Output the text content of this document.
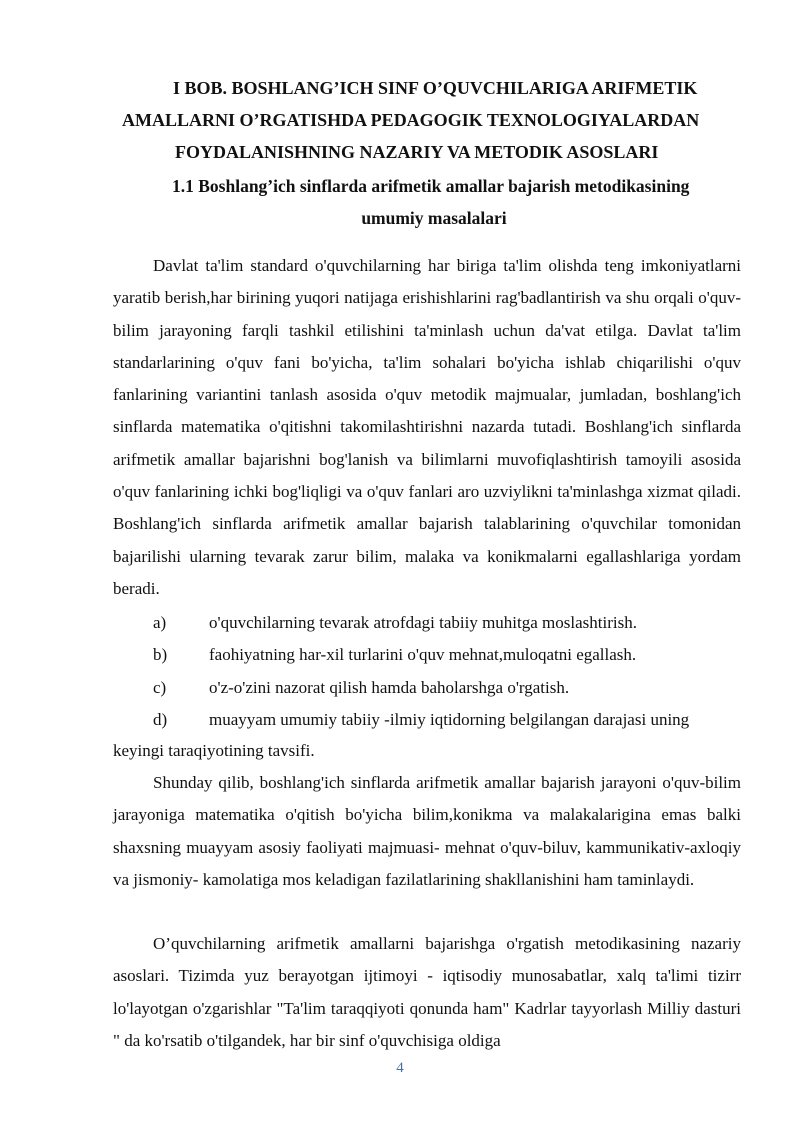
I BOB. BOSHLANG’ICH SINF O’QUVCHILARIGA ARIFMETIK
AMALLARNI O’RGATISHDA PEDAGOGIK TEXNOLOGIYALARDAN
FOYDALANISHNING NAZARIY VA METODIK ASOSLARI
1.1 Boshlang’ich sinflarda arifmetik amallar bajarish metodikasining
umumiy masalalari

Davlat ta'lim standard o'quvchilarning har biriga ta'lim olishda teng imkoniyatlarni yaratib berish,har birining yuqori natijaga erishishlarini rag'badlantirish va shu orqali o'quv- bilim jarayoning farqli tashkil etilishini ta'minlash uchun da'vat etilga. Davlat ta'lim standarlarining o'quv fani bo'yicha, ta'lim sohalari bo'yicha ishlab chiqarilishi o'quv fanlarining variantini tanlash asosida o'quv metodik majmualar, jumladan, boshlang'ich sinflarda matematika o'qitishni takomilashtirishni nazarda tutadi. Boshlang'ich sinflarda arifmetik amallar bajarishni bog'lanish va bilimlarni muvofiqlashtirish tamoyili asosida o'quv fanlarining ichki bog'liqligi va o'quv fanlari aro uzviylikni ta'minlashga xizmat qiladi. Boshlang'ich sinflarda arifmetik amallar bajarish talablarining o'quvchilar tomonidan bajarilishi ularning tevarak zarur bilim, malaka va konikmalarni egallashlariga yordam beradi.

a)	o'quvchilarning tevarak atrofdagi tabiiy muhitga moslashtirish.
b)	faohiyatning har-xil turlarini o'quv mehnat,muloqatni egallash.
c)	o'z-o'zini nazorat qilish hamda baholarshga o'rgatish.
d)	muayyam umumiy tabiiy -ilmiy iqtidorning belgilangan darajasi uning
keyingi taraqiyotining tavsifi.

Shunday qilib, boshlang'ich sinflarda arifmetik amallar bajarish jarayoni o'quv-bilim jarayoniga matematika o'qitish bo'yicha bilim,konikma va malakalarigina emas balki shaxsning muayyam asosiy faoliyati majmuasi- mehnat o'quv-biluv, kammunikativ-axloqiy va jismoniy- kamolatiga mos keladigan fazilatlarining shakllanishini ham taminlaydi.

O’quvchilarning arifmetik amallarni bajarishga o'rgatish metodikasining nazariy asoslari. Tizimda yuz berayotgan ijtimoyi - iqtisodiy munosabatlar, xalq ta'limi tizirr lo'layotgan o'zgarishlar "Ta'lim taraqqiyoti qonunda ham" Kadrlar tayyorlash Milliy dasturi " da ko'rsatib o'tilgandek, har bir sinf o'quvchisiga oldiga

4
